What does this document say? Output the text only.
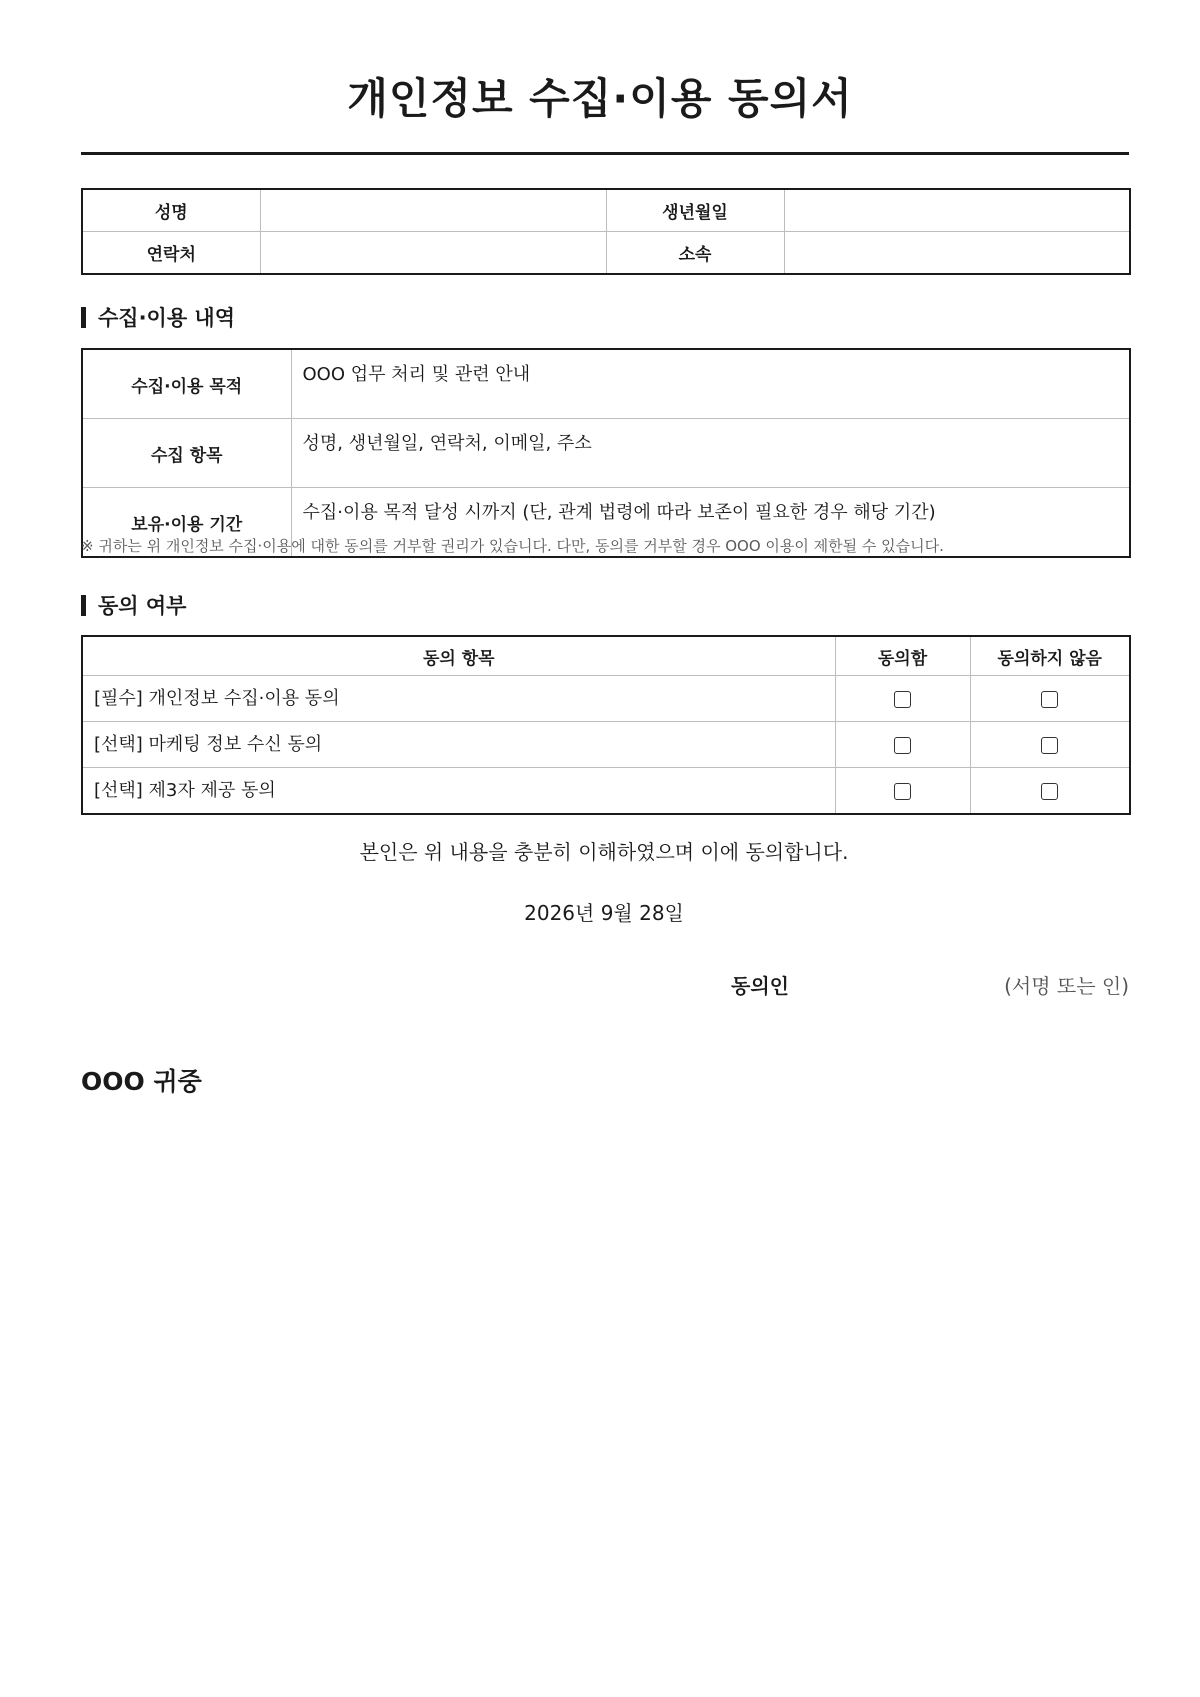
개인정보 수집·이용 동의서
성명		생년월일	
연락처		소속	
수집·이용 내역
수집·이용 목적	OOO 업무 처리 및 관련 안내
수집 항목	성명, 생년월일, 연락처, 이메일, 주소
보유·이용 기간	수집·이용 목적 달성 시까지 (단, 관계 법령에 따라 보존이 필요한 경우 해당 기간)
※ 귀하는 위 개인정보 수집·이용에 대한 동의를 거부할 권리가 있습니다. 다만, 동의를 거부할 경우 OOO 이용이 제한될 수 있습니다.
동의 여부
동의 항목	동의함	동의하지 않음
[필수] 개인정보 수집·이용 동의		
[선택] 마케팅 정보 수신 동의		
[선택] 제3자 제공 동의		
본인은 위 내용을 충분히 이해하였으며 이에 동의합니다.
2026년 9월 28일
동의인	(서명 또는 인)
OOO 귀중
